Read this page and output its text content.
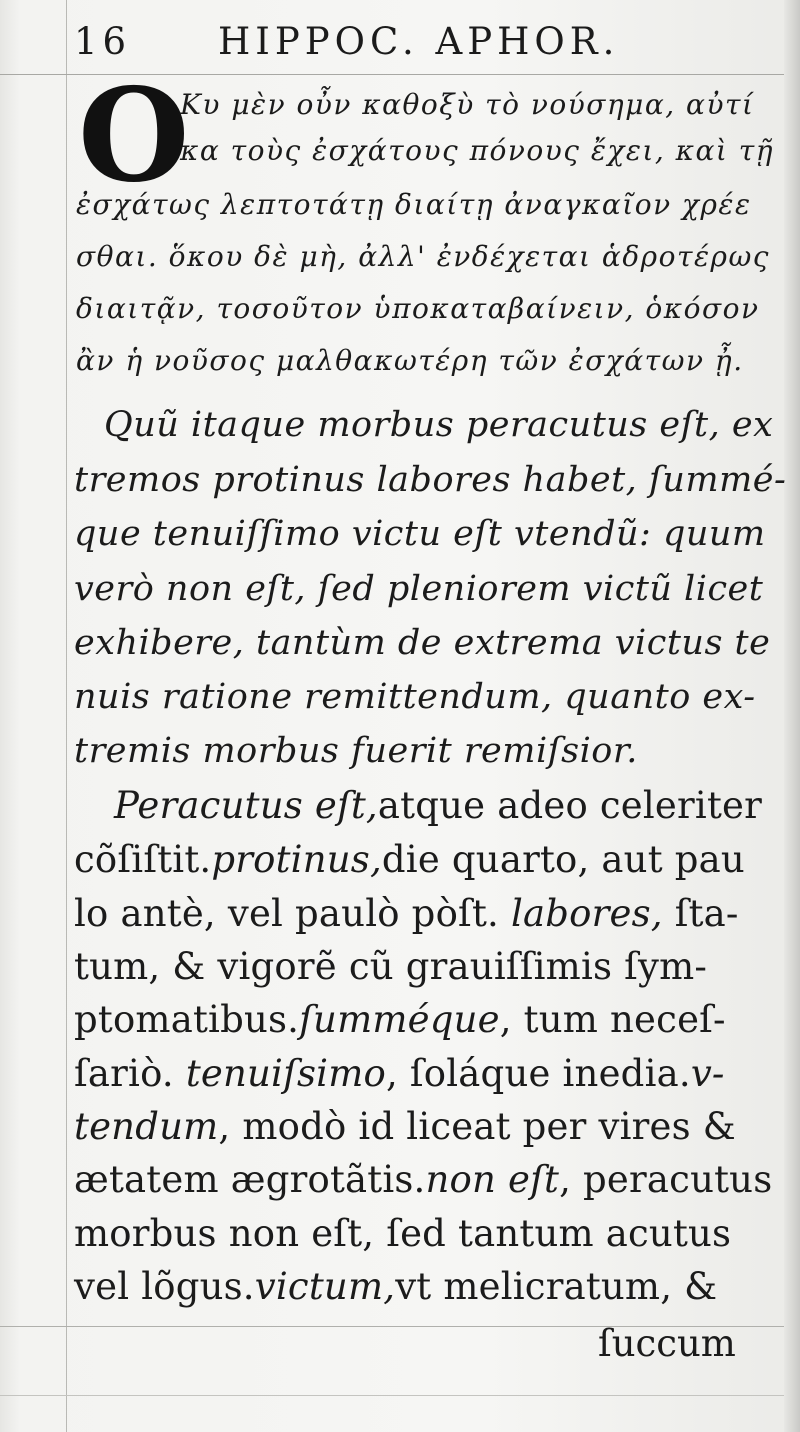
16 HIPPOC. APHOR.
O
Κυ μὲν οὖν καθοξὺ τὸ νούσημα, αὐτί
κα τοὺς ἐσχάτους πόνους ἔχει, καὶ τῇ
ἐσχάτως λεπτοτάτῃ διαίτῃ ἀναγκαῖον χρέε
σθαι. ὅκου δὲ μὴ, ἀλλ' ἐνδέχεται ἁδροτέρως
διαιτᾷν, τοσοῦτον ὑποκαταβαίνειν, ὁκόσον
ἂν ἡ νοῦσος μαλθακωτέρη τῶν ἐσχάτων ᾖ.
Quũ itaque morbus peracutus eſt, ex
tremos protinus labores habet, ſummé-
que tenuiſſimo victu eſt vtendũ: quum
verò non eſt, ſed pleniorem victũ licet
exhibere, tantùm de extrema victus te
nuis ratione remittendum, quanto ex-
tremis morbus fuerit remiſsior.
Peracutus eſt,atque adeo celeriter
cõſiſtit.protinus,die quarto, aut pau
lo antè, vel paulò pòſt. labores, ſta-
tum, & vigorẽ cũ grauiſſimis ſym-
ptomatibus.ſumméque, tum neceſ-
ſariò. tenuiſsimo, ſoláque inedia.v-
tendum, modò id liceat per vires &
ætatem ægrotãtis.non eſt, peracutus
morbus non eſt, ſed tantum acutus
vel lõgus.victum,vt melicratum, &
ſuccum
